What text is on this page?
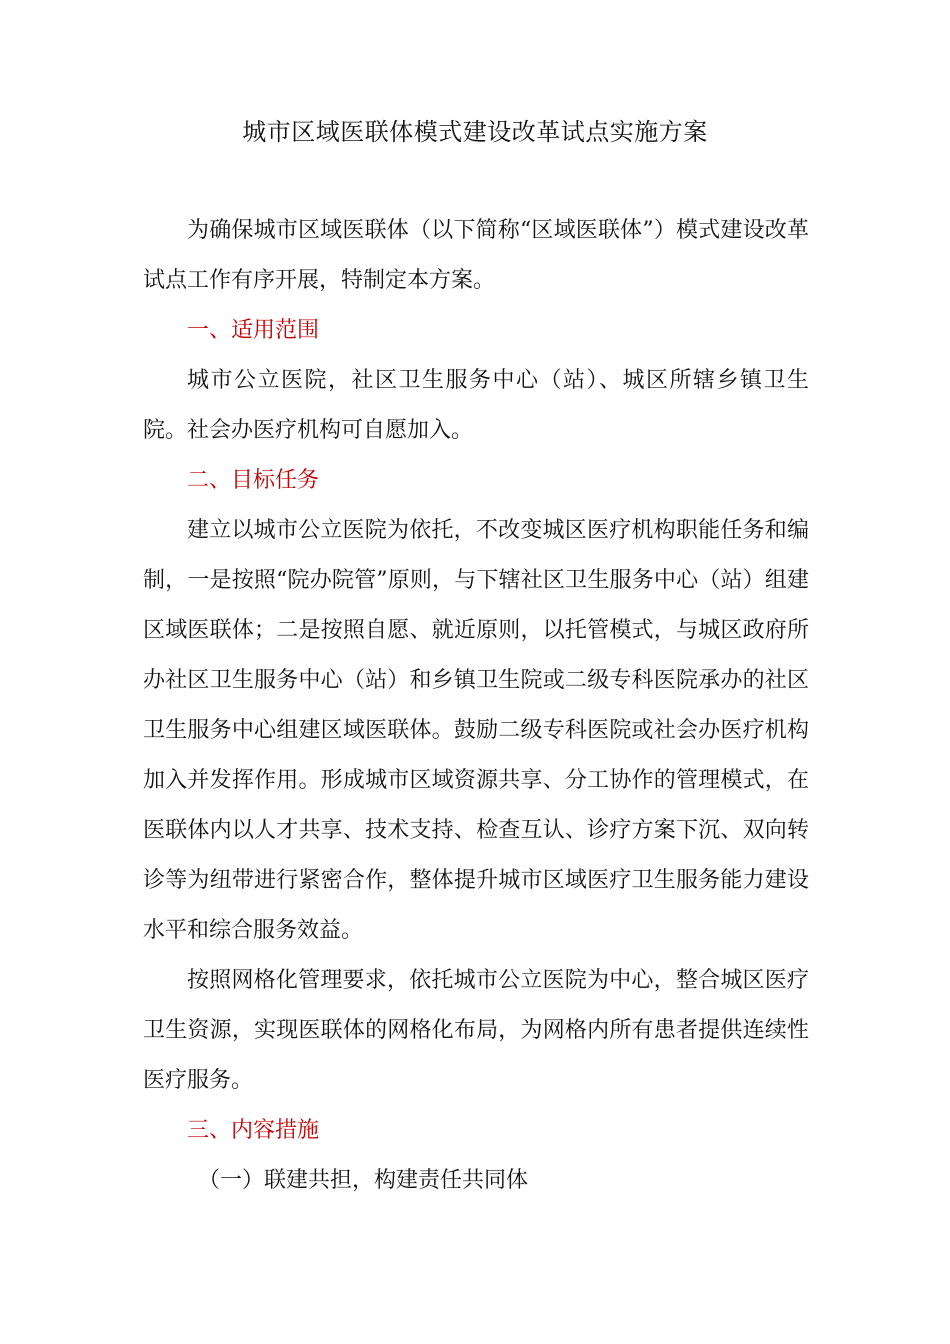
城市区域医联体模式建设改革试点实施方案

为确保城市区域医联体（以下简称“区域医联体”）模式建设改革试点工作有序开展，特制定本方案。

一、适用范围

城市公立医院，社区卫生服务中心（站）、城区所辖乡镇卫生院。社会办医疗机构可自愿加入。

二、目标任务

建立以城市公立医院为依托，不改变城区医疗机构职能任务和编制，一是按照“院办院管”原则，与下辖社区卫生服务中心（站）组建区域医联体；二是按照自愿、就近原则，以托管模式，与城区政府所办社区卫生服务中心（站）和乡镇卫生院或二级专科医院承办的社区卫生服务中心组建区域医联体。鼓励二级专科医院或社会办医疗机构加入并发挥作用。形成城市区域资源共享、分工协作的管理模式，在医联体内以人才共享、技术支持、检查互认、诊疗方案下沉、双向转诊等为纽带进行紧密合作，整体提升城市区域医疗卫生服务能力建设水平和综合服务效益。

按照网格化管理要求，依托城市公立医院为中心，整合城区医疗卫生资源，实现医联体的网格化布局，为网格内所有患者提供连续性医疗服务。

三、内容措施

（一）联建共担，构建责任共同体
